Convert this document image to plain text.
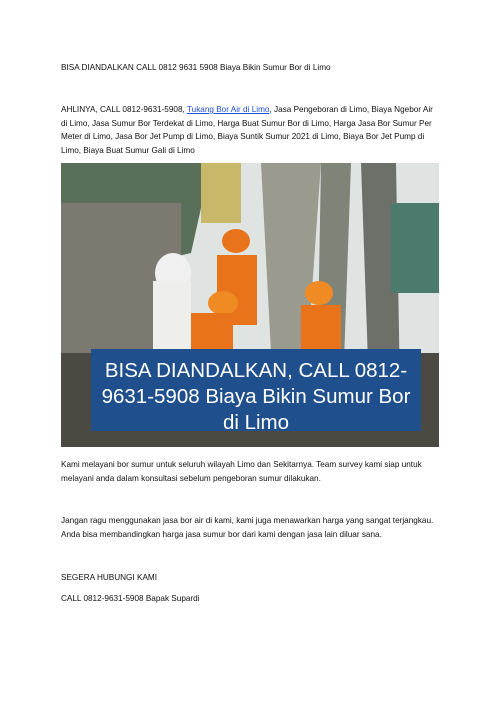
BISA DIANDALKAN CALL 0812 9631 5908 Biaya Bikin Sumur Bor di Limo

AHLINYA, CALL 0812-9631-5908, Tukang Bor Air di Limo, Jasa Pengeboran di Limo, Biaya Ngebor Air di Limo, Jasa Sumur Bor Terdekat di Limo, Harga Buat Sumur Bor di Limo, Harga Jasa Bor Sumur Per Meter di Limo, Jasa Bor Jet Pump di Limo, Biaya Suntik Sumur 2021 di Limo, Biaya Bor Jet Pump di Limo, Biaya Buat Sumur Gali di Limo

BISA DIANDALKAN, CALL 0812-9631-5908 Biaya Bikin Sumur Bor di Limo

Kami melayani bor sumur untuk seluruh wilayah Limo dan Sekitarnya. Team survey kami siap untuk melayani anda dalam konsultasi sebelum pengeboran sumur dilakukan.

Jangan ragu menggunakan jasa bor air di kami, kami juga menawarkan harga yang sangat terjangkau. Anda bisa membandingkan harga jasa sumur bor dari kami dengan jasa lain diluar sana.

SEGERA HUBUNGI KAMI

CALL 0812-9631-5908 Bapak Supardi
